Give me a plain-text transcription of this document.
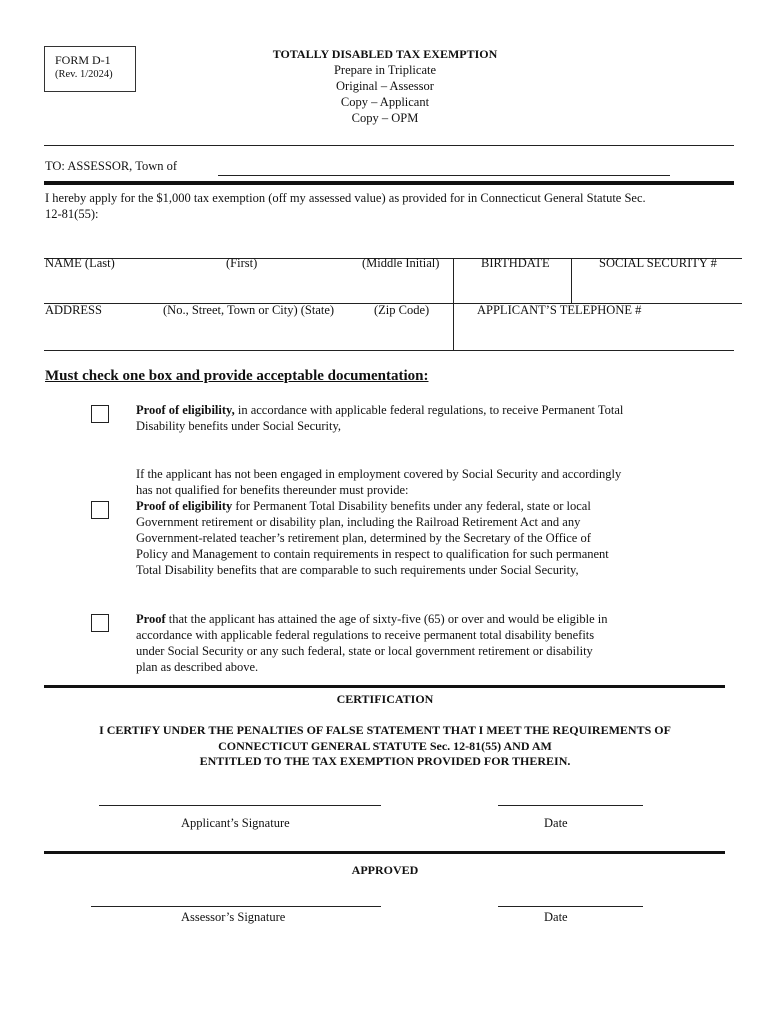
FORM D-1
(Rev. 1/2024)
TOTALLY DISABLED TAX EXEMPTION
Prepare in Triplicate
Original – Assessor
Copy – Applicant
Copy – OPM
TO: ASSESSOR, Town of
I hereby apply for the $1,000 tax exemption (off my assessed value) as provided for in Connecticut General Statute Sec.
12-81(55):
NAME (Last)	(First)	(Middle Initial)	BIRTHDATE	SOCIAL SECURITY #
ADDRESS	(No., Street, Town or City) (State)	(Zip Code)	APPLICANT’S TELEPHONE #
Must check one box and provide acceptable documentation:
Proof of eligibility, in accordance with applicable federal regulations, to receive Permanent Total
Disability benefits under Social Security,
If the applicant has not been engaged in employment covered by Social Security and accordingly
has not qualified for benefits thereunder must provide:
Proof of eligibility for Permanent Total Disability benefits under any federal, state or local
Government retirement or disability plan, including the Railroad Retirement Act and any
Government-related teacher’s retirement plan, determined by the Secretary of the Office of
Policy and Management to contain requirements in respect to qualification for such permanent
Total Disability benefits that are comparable to such requirements under Social Security,
Proof that the applicant has attained the age of sixty-five (65) or over and would be eligible in
accordance with applicable federal regulations to receive permanent total disability benefits
under Social Security or any such federal, state or local government retirement or disability
plan as described above.
CERTIFICATION
I CERTIFY UNDER THE PENALTIES OF FALSE STATEMENT THAT I MEET THE REQUIREMENTS OF
CONNECTICUT GENERAL STATUTE Sec. 12-81(55) AND AM
ENTITLED TO THE TAX EXEMPTION PROVIDED FOR THEREIN.
Applicant’s Signature	Date
APPROVED
Assessor’s Signature	Date
